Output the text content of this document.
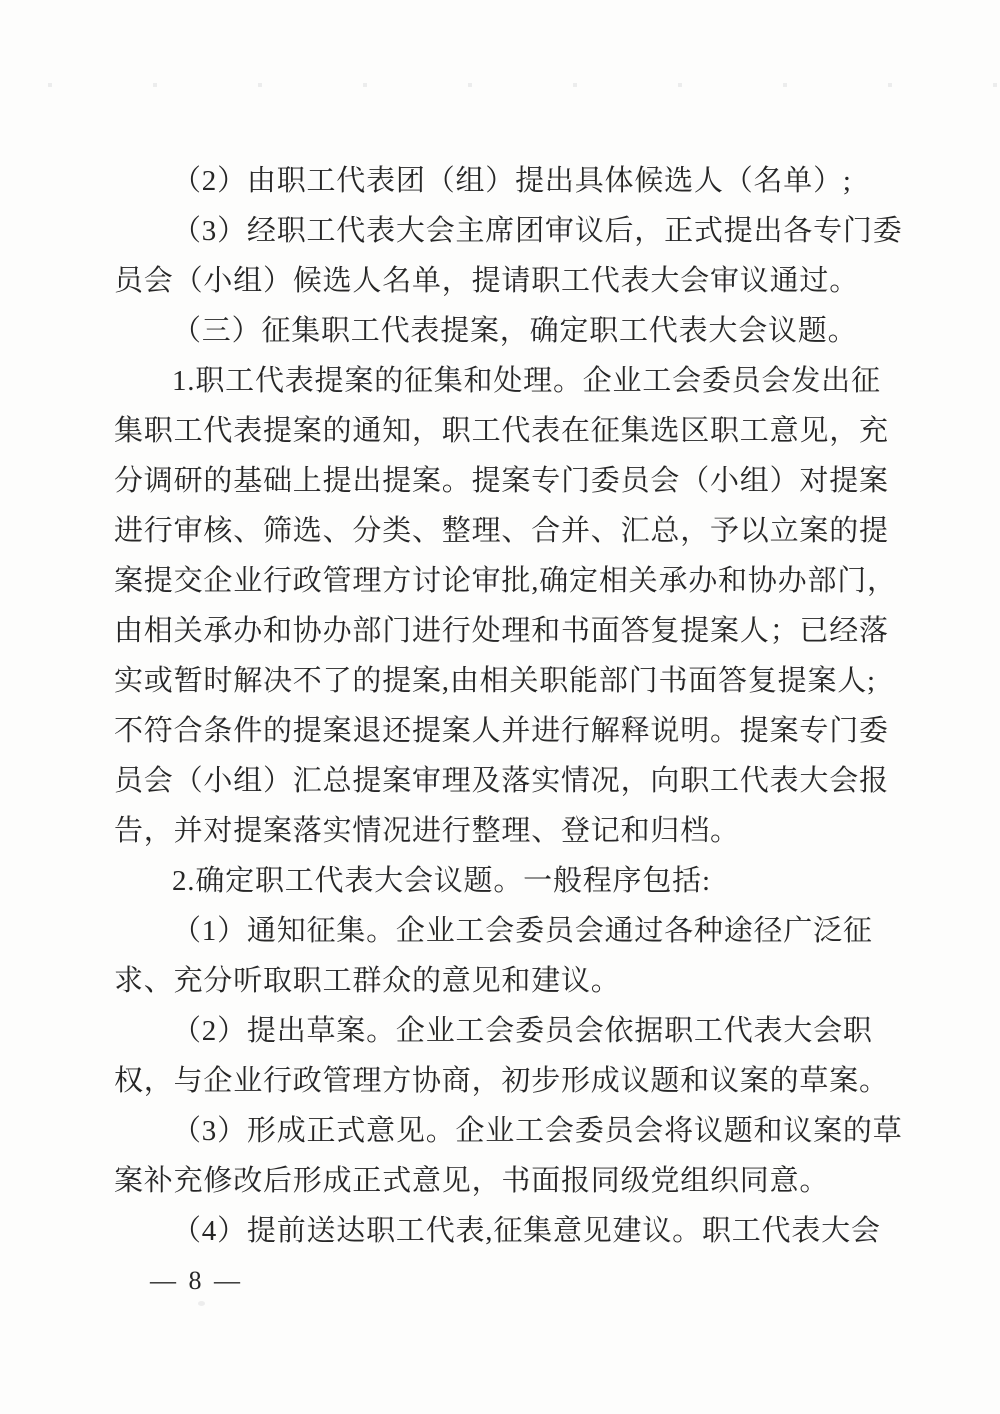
（2）由职工代表团（组）提出具体候选人（名单）;
（3）经职工代表大会主席团审议后，正式提出各专门委
员会（小组）候选人名单，提请职工代表大会审议通过。
（三）征集职工代表提案，确定职工代表大会议题。
1.职工代表提案的征集和处理。企业工会委员会发出征
集职工代表提案的通知，职工代表在征集选区职工意见，充
分调研的基础上提出提案。提案专门委员会（小组）对提案
进行审核、筛选、分类、整理、合并、汇总，予以立案的提
案提交企业行政管理方讨论审批,确定相关承办和协办部门，
由相关承办和协办部门进行处理和书面答复提案人；已经落
实或暂时解决不了的提案,由相关职能部门书面答复提案人;
不符合条件的提案退还提案人并进行解释说明。提案专门委
员会（小组）汇总提案审理及落实情况，向职工代表大会报
告，并对提案落实情况进行整理、登记和归档。
2.确定职工代表大会议题。一般程序包括:
（1）通知征集。企业工会委员会通过各种途径广泛征
求、充分听取职工群众的意见和建议。
（2）提出草案。企业工会委员会依据职工代表大会职
权，与企业行政管理方协商，初步形成议题和议案的草案。
（3）形成正式意见。企业工会委员会将议题和议案的草
案补充修改后形成正式意见，书面报同级党组织同意。
（4）提前送达职工代表,征集意见建议。职工代表大会
— 8 —
